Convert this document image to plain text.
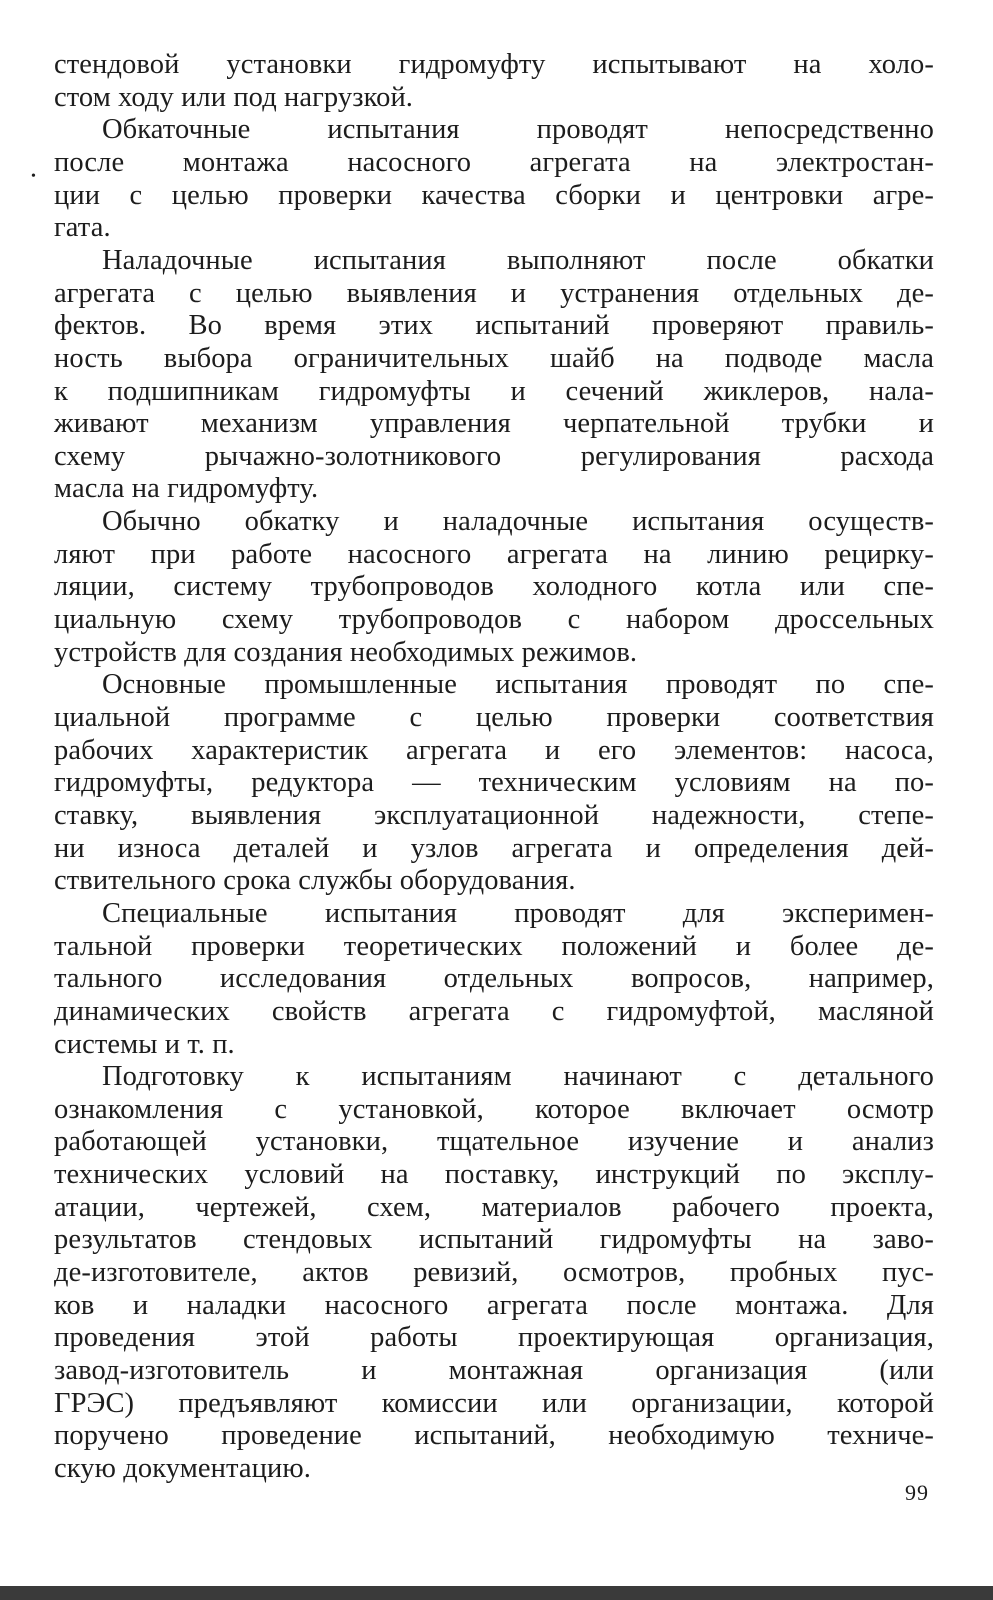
стендовой установки гидромуфту испытывают на холо-
стом ходу или под нагрузкой.
Обкаточные испытания проводят непосредственно
после монтажа насосного агрегата на электростан-
ции с целью проверки качества сборки и центровки агре-
гата.
Наладочные испытания выполняют после обкатки
агрегата с целью выявления и устранения отдельных де-
фектов. Во время этих испытаний проверяют правиль-
ность выбора ограничительных шайб на подводе масла
к подшипникам гидромуфты и сечений жиклеров, нала-
живают механизм управления черпательной трубки и
схему рычажно-золотникового регулирования расхода
масла на гидромуфту.
Обычно обкатку и наладочные испытания осуществ-
ляют при работе насосного агрегата на линию рецирку-
ляции, систему трубопроводов холодного котла или спе-
циальную схему трубопроводов с набором дроссельных
устройств для создания необходимых режимов.
Основные промышленные испытания проводят по спе-
циальной программе с целью проверки соответствия
рабочих характеристик агрегата и его элементов: насоса,
гидромуфты, редуктора — техническим условиям на по-
ставку, выявления эксплуатационной надежности, степе-
ни износа деталей и узлов агрегата и определения дей-
ствительного срока службы оборудования.
Специальные испытания проводят для эксперимен-
тальной проверки теоретических положений и более де-
тального исследования отдельных вопросов, например,
динамических свойств агрегата с гидромуфтой, масляной
системы и т. п.
Подготовку к испытаниям начинают с детального
ознакомления с установкой, которое включает осмотр
работающей установки, тщательное изучение и анализ
технических условий на поставку, инструкций по эксплу-
атации, чертежей, схем, материалов рабочего проекта,
результатов стендовых испытаний гидромуфты на заво-
де-изготовителе, актов ревизий, осмотров, пробных пус-
ков и наладки насосного агрегата после монтажа. Для
проведения этой работы проектирующая организация,
завод-изготовитель и монтажная организация (или
ГРЭС) предъявляют комиссии или организации, которой
поручено проведение испытаний, необходимую техниче-
скую документацию.
•
99
